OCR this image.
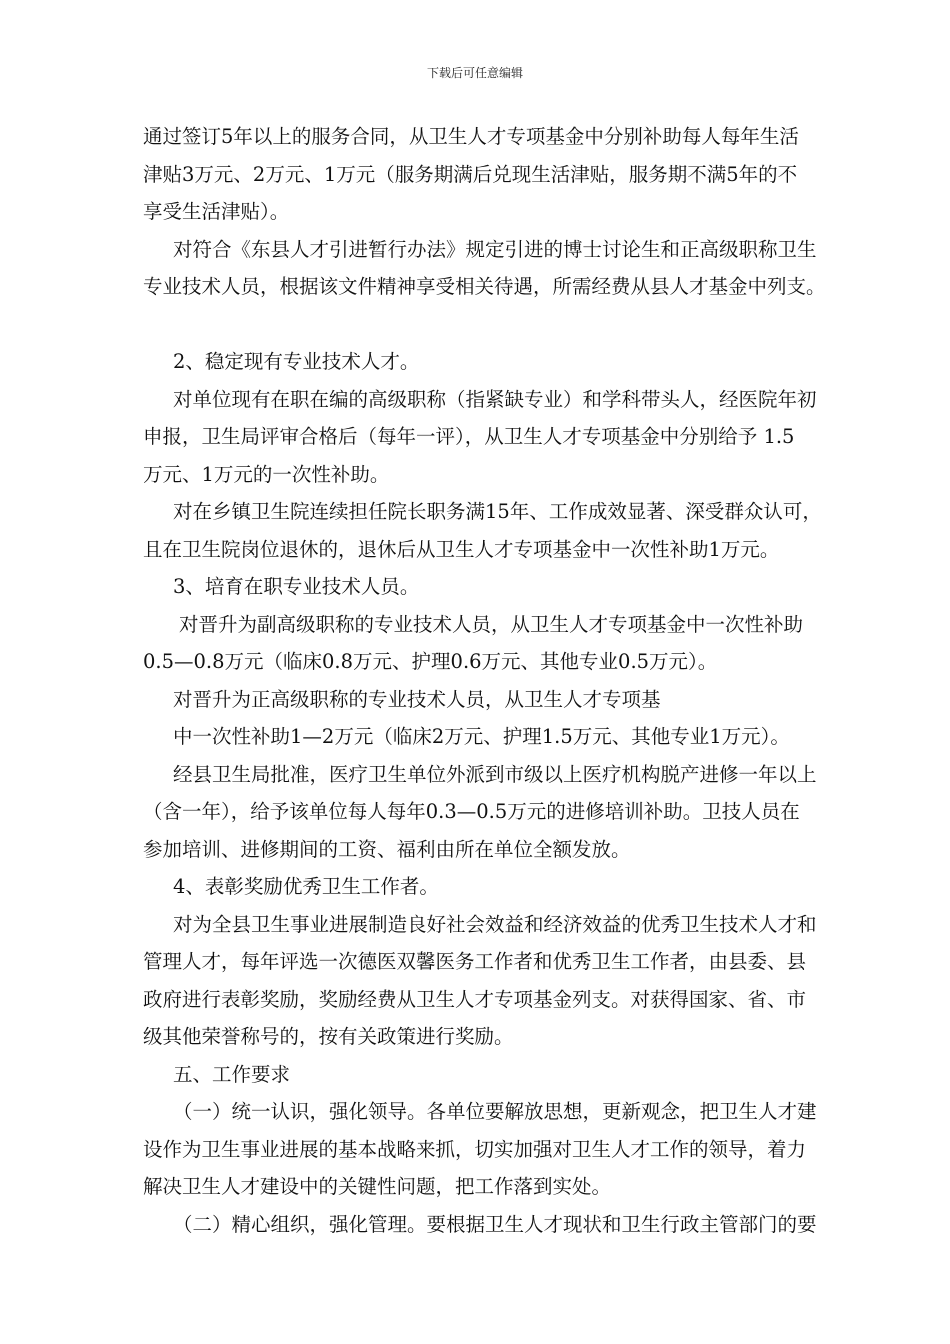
下载后可任意编辑
通过签订5年以上的服务合同，从卫生人才专项基金中分别补助每人每年生活
津贴3万元、2万元、1万元（服务期满后兑现生活津贴，服务期不满5年的不
享受生活津贴）。
对符合《东县人才引进暂行办法》规定引进的博士讨论生和正高级职称卫生
专业技术人员，根据该文件精神享受相关待遇，所需经费从县人才基金中列支。
2、稳定现有专业技术人才。
对单位现有在职在编的高级职称（指紧缺专业）和学科带头人，经医院年初
申报，卫生局评审合格后（每年一评），从卫生人才专项基金中分别给予 1.5
万元、1万元的一次性补助。
对在乡镇卫生院连续担任院长职务满15年、工作成效显著、深受群众认可，
且在卫生院岗位退休的，退休后从卫生人才专项基金中一次性补助1万元。
3、培育在职专业技术人员。
对晋升为副高级职称的专业技术人员，从卫生人才专项基金中一次性补助
0.5—0.8万元（临床0.8万元、护理0.6万元、其他专业0.5万元）。
对晋升为正高级职称的专业技术人员，从卫生人才专项基
中一次性补助1—2万元（临床2万元、护理1.5万元、其他专业1万元）。
经县卫生局批准，医疗卫生单位外派到市级以上医疗机构脱产进修一年以上
（含一年），给予该单位每人每年0.3—0.5万元的进修培训补助。卫技人员在
参加培训、进修期间的工资、福利由所在单位全额发放。
4、表彰奖励优秀卫生工作者。
对为全县卫生事业进展制造良好社会效益和经济效益的优秀卫生技术人才和
管理人才，每年评选一次德医双馨医务工作者和优秀卫生工作者，由县委、县
政府进行表彰奖励，奖励经费从卫生人才专项基金列支。对获得国家、省、市
级其他荣誉称号的，按有关政策进行奖励。
五、工作要求
（一）统一认识，强化领导。各单位要解放思想，更新观念，把卫生人才建
设作为卫生事业进展的基本战略来抓，切实加强对卫生人才工作的领导，着力
解决卫生人才建设中的关键性问题，把工作落到实处。
（二）精心组织，强化管理。要根据卫生人才现状和卫生行政主管部门的要
